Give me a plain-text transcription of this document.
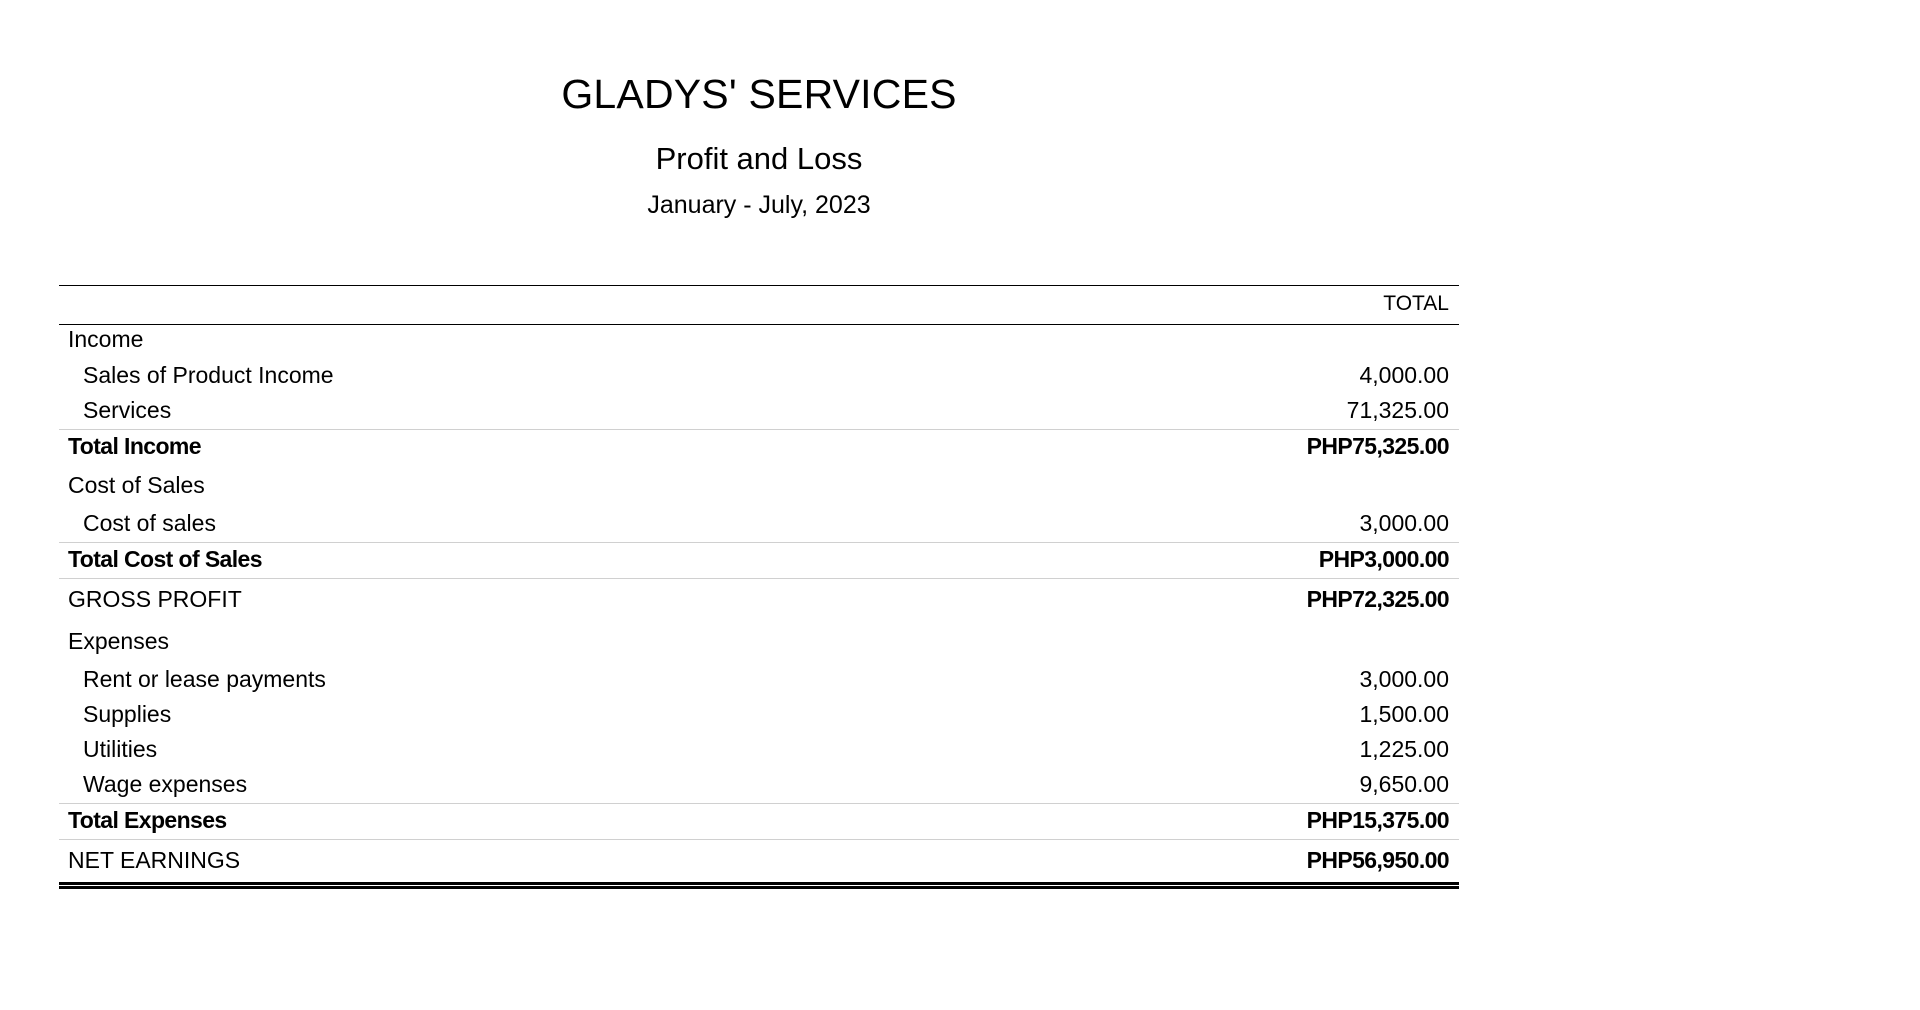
GLADYS' SERVICES
Profit and Loss
January - July, 2023
TOTAL
Income
Sales of Product Income	4,000.00
Services	71,325.00
Total Income	PHP75,325.00
Cost of Sales
Cost of sales	3,000.00
Total Cost of Sales	PHP3,000.00
GROSS PROFIT	PHP72,325.00
Expenses
Rent or lease payments	3,000.00
Supplies	1,500.00
Utilities	1,225.00
Wage expenses	9,650.00
Total Expenses	PHP15,375.00
NET EARNINGS	PHP56,950.00
